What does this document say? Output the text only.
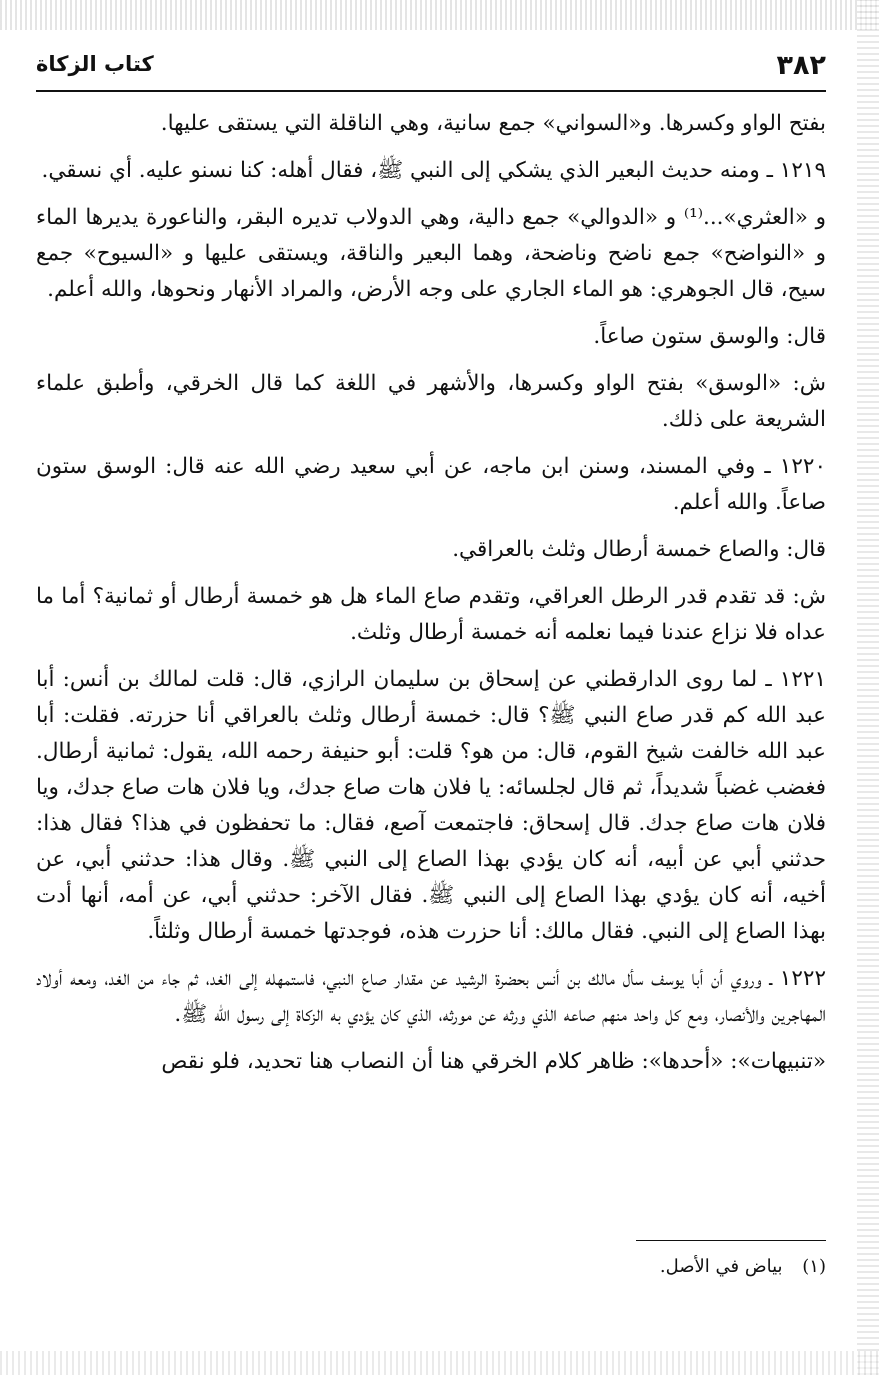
٣٨٢
كتاب الزكاة

بفتح الواو وكسرها. و«السواني» جمع سانية، وهي الناقلة التي يستقى عليها.

١٢١٩ ـ ومنه حديث البعير الذي يشكي إلى النبي ﷺ، فقال أهله: كنا نسنو عليه. أي نسقي.

و «العثري»...⁽¹⁾ و «الدوالي» جمع دالية، وهي الدولاب تديره البقر، والناعورة يديرها الماء و «النواضح» جمع ناضح وناضحة، وهما البعير والناقة، ويستقى عليها و «السيوح» جمع سيح، قال الجوهري: هو الماء الجاري على وجه الأرض، والمراد الأنهار ونحوها، والله أعلم.

قال: والوسق ستون صاعاً.

ش: «الوسق» بفتح الواو وكسرها، والأشهر في اللغة كما قال الخرقي، وأطبق علماء الشريعة على ذلك.

١٢٢٠ ـ وفي المسند، وسنن ابن ماجه، عن أبي سعيد رضي الله عنه قال: الوسق ستون صاعاً. والله أعلم.

قال: والصاع خمسة أرطال وثلث بالعراقي.

ش: قد تقدم قدر الرطل العراقي، وتقدم صاع الماء هل هو خمسة أرطال أو ثمانية؟ أما ما عداه فلا نزاع عندنا فيما نعلمه أنه خمسة أرطال وثلث.

١٢٢١ ـ لما روى الدارقطني عن إسحاق بن سليمان الرازي، قال: قلت لمالك بن أنس: أبا عبد الله كم قدر صاع النبي ﷺ؟ قال: خمسة أرطال وثلث بالعراقي أنا حزرته. فقلت: أبا عبد الله خالفت شيخ القوم، قال: من هو؟ قلت: أبو حنيفة رحمه الله، يقول: ثمانية أرطال. فغضب غضباً شديداً، ثم قال لجلسائه: يا فلان هات صاع جدك، ويا فلان هات صاع جدك، ويا فلان هات صاع جدك. قال إسحاق: فاجتمعت آصع، فقال: ما تحفظون في هذا؟ فقال هذا: حدثني أبي عن أبيه، أنه كان يؤدي بهذا الصاع إلى النبي ﷺ. وقال هذا: حدثني أبي، عن أخيه، أنه كان يؤدي بهذا الصاع إلى النبي ﷺ. فقال الآخر: حدثني أبي، عن أمه، أنها أدت بهذا الصاع إلى النبي. فقال مالك: أنا حزرت هذه، فوجدتها خمسة أرطال وثلثاً.

١٢٢٢ ـ وروي أن أبا يوسف سأل مالك بن أنس بحضرة الرشيد عن مقدار صاع النبي، فاستمهله إلى الغد، ثم جاء من الغد، ومعه أولاد المهاجرين والأنصار، ومع كل واحد منهم صاعه الذي ورثه عن مورثه، الذي كان يؤدي به الزكاة إلى رسول الله ﷺ.

«تنبيهات»: «أحدها»: ظاهر كلام الخرقي هنا أن النصاب هنا تحديد، فلو نقص

(١) بياض في الأصل.
